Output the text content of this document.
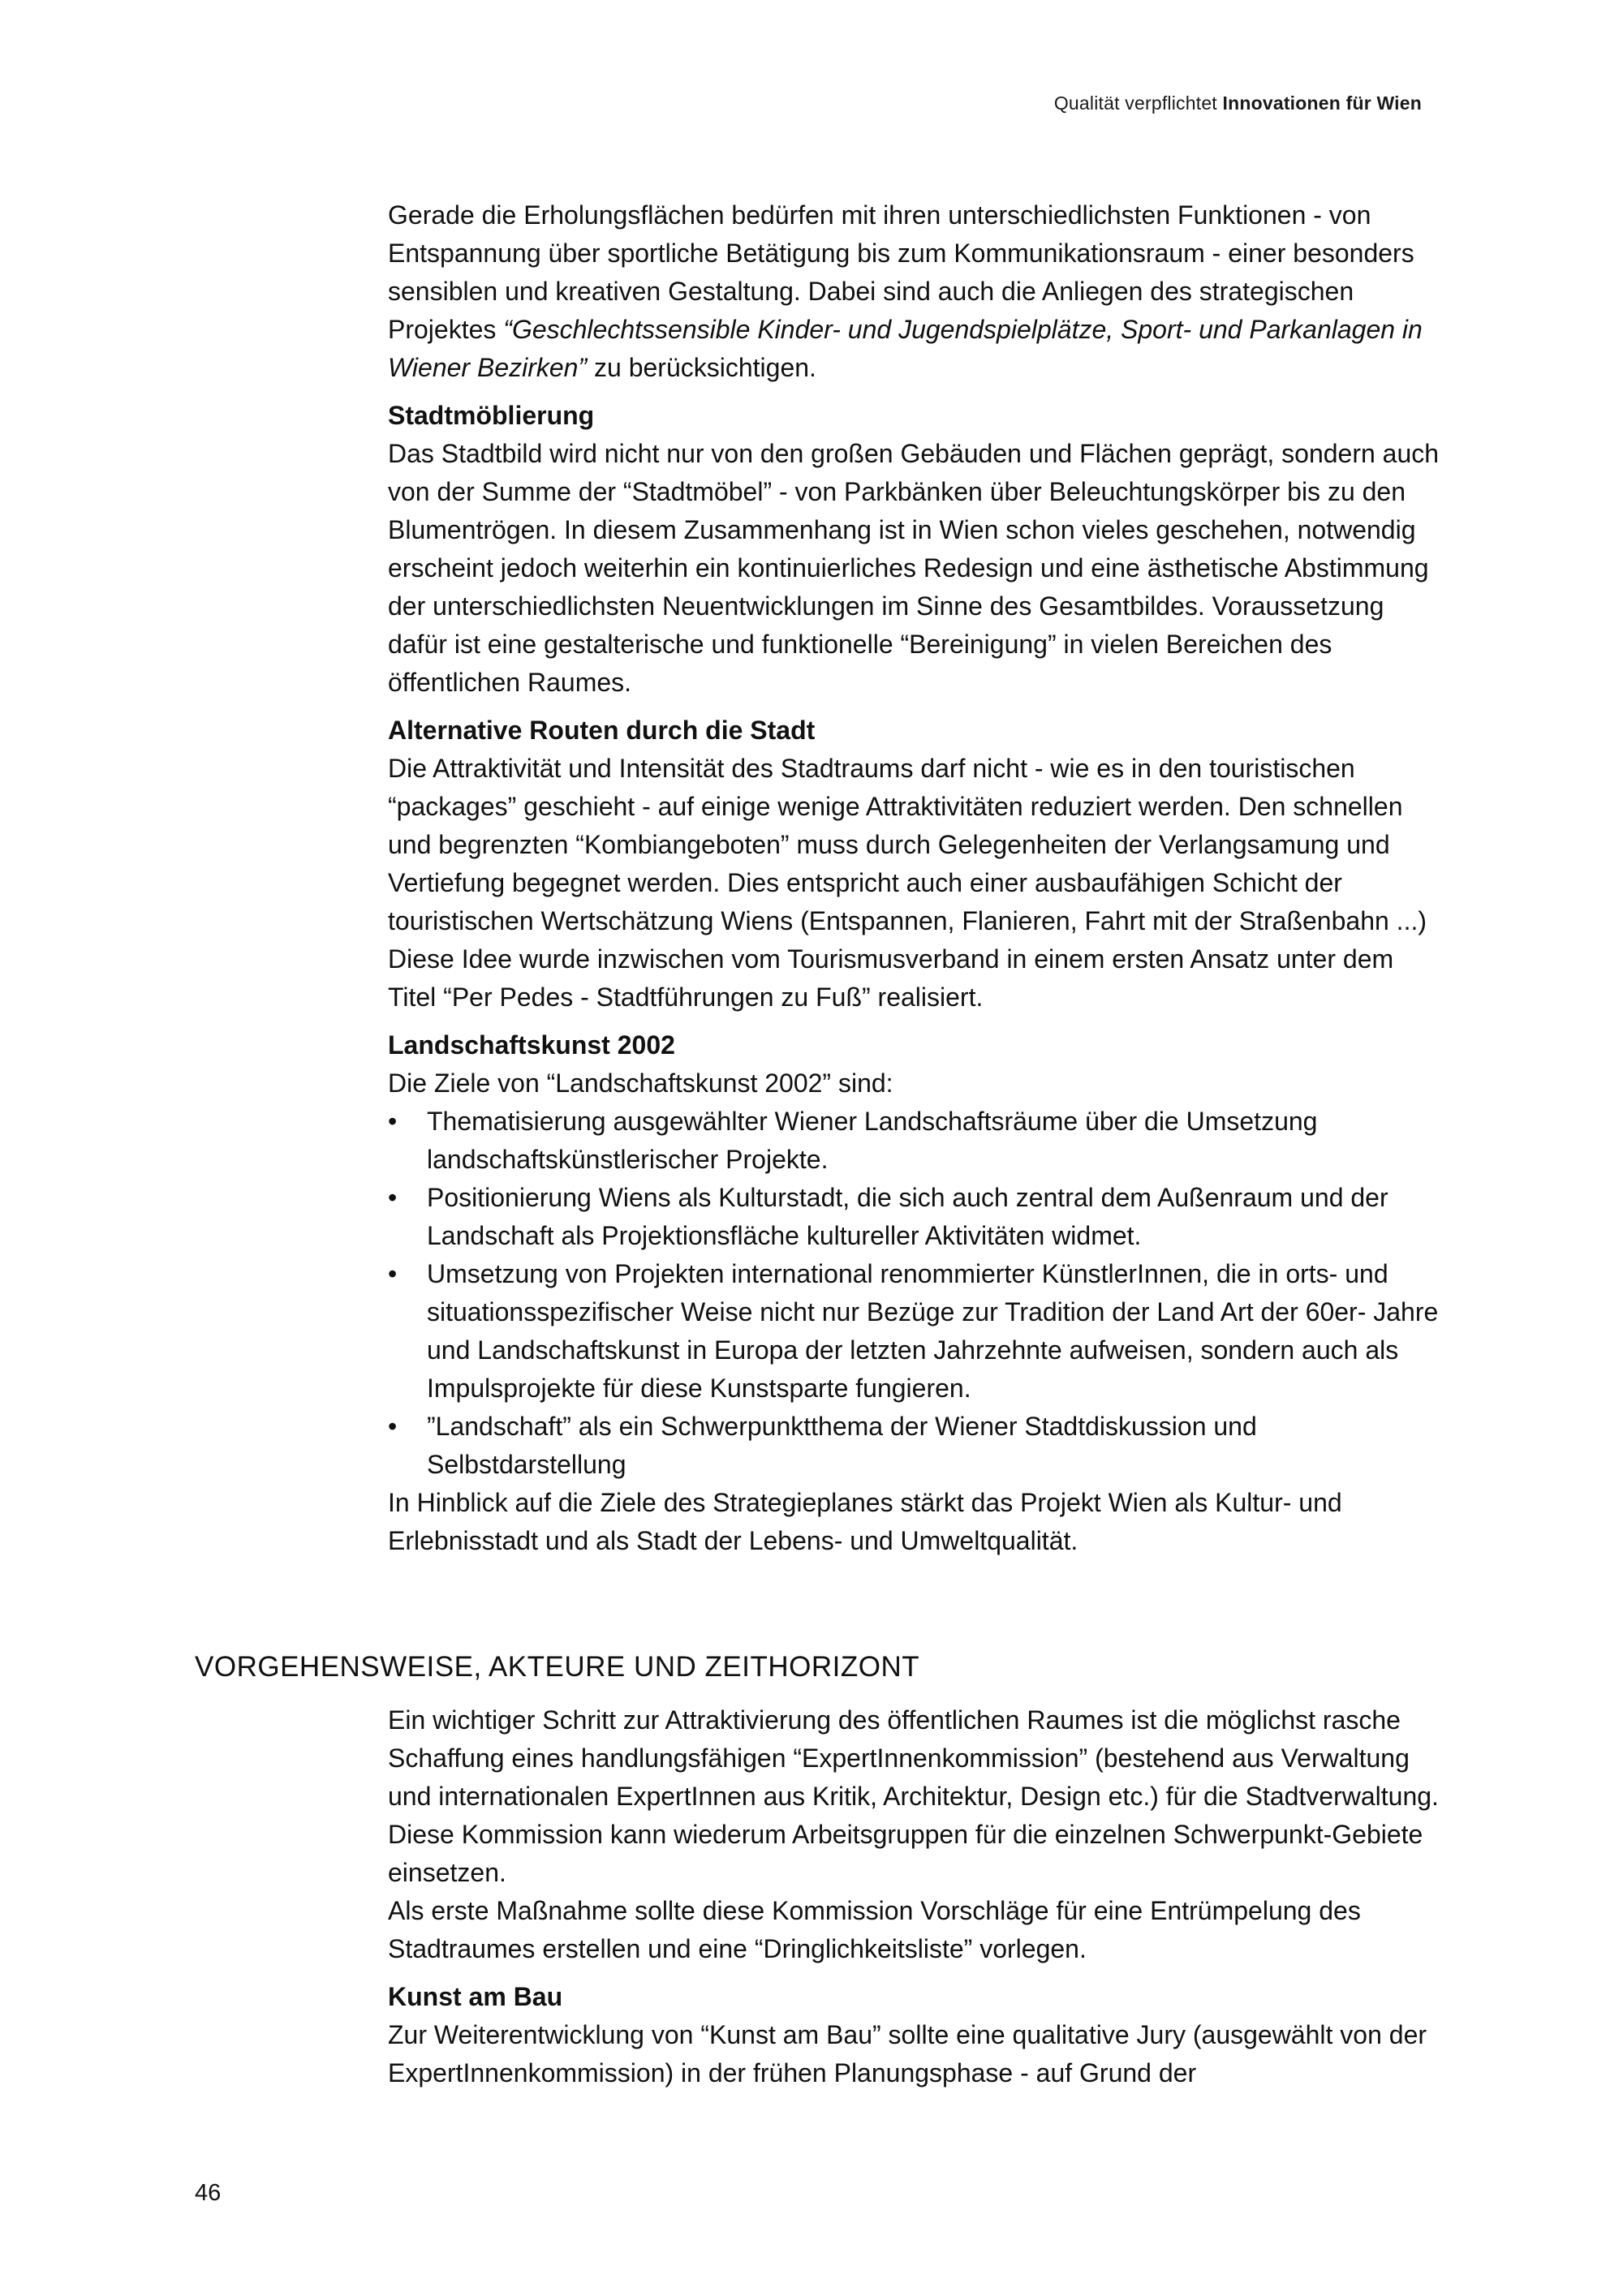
Qualität verpflichtet Innovationen für Wien

Gerade die Erholungsflächen bedürfen mit ihren unterschiedlichsten Funktionen - von Entspannung über sportliche Betätigung bis zum Kommunikationsraum - einer besonders sensiblen und kreativen Gestaltung. Dabei sind auch die Anliegen des strategischen Projektes “Geschlechtssensible Kinder- und Jugendspielplätze, Sport- und Parkanlagen in Wiener Bezirken” zu berücksichtigen.

Stadtmöblierung

Das Stadtbild wird nicht nur von den großen Gebäuden und Flächen geprägt, sondern auch von der Summe der “Stadtmöbel” - von Parkbänken über Beleuchtungskörper bis zu den Blumentrögen. In diesem Zusammenhang ist in Wien schon vieles geschehen, notwendig erscheint jedoch weiterhin ein kontinuierliches Redesign und eine ästhetische Abstimmung der unterschiedlichsten Neuentwicklungen im Sinne des Gesamtbildes. Voraussetzung dafür ist eine gestalterische und funktionelle “Bereinigung” in vielen Bereichen des öffentlichen Raumes.

Alternative Routen durch die Stadt

Die Attraktivität und Intensität des Stadtraums darf nicht - wie es in den touristischen “packages” geschieht - auf einige wenige Attraktivitäten reduziert werden. Den schnellen und begrenzten “Kombiangeboten” muss durch Gelegenheiten der Verlangsamung und Vertiefung begegnet werden. Dies entspricht auch einer ausbaufähigen Schicht der touristischen Wertschätzung Wiens (Entspannen, Flanieren, Fahrt mit der Straßenbahn ...)

Diese Idee wurde inzwischen vom Tourismusverband in einem ersten Ansatz unter dem Titel “Per Pedes - Stadtführungen zu Fuß” realisiert.

Landschaftskunst 2002

Die Ziele von “Landschaftskunst 2002” sind:

• Thematisierung ausgewählter Wiener Landschaftsräume über die Umsetzung landschaftskünstlerischer Projekte.
• Positionierung Wiens als Kulturstadt, die sich auch zentral dem Außenraum und der Landschaft als Projektionsfläche kultureller Aktivitäten widmet.
• Umsetzung von Projekten international renommierter KünstlerInnen, die in orts- und situationsspezifischer Weise nicht nur Bezüge zur Tradition der Land Art der 60er- Jahre und Landschaftskunst in Europa der letzten Jahrzehnte aufweisen, sondern auch als Impulsprojekte für diese Kunstsparte fungieren.
• ”Landschaft” als ein Schwerpunktthema der Wiener Stadtdiskussion und Selbstdarstellung

In Hinblick auf die Ziele des Strategieplanes stärkt das Projekt Wien als Kultur- und Erlebnisstadt und als Stadt der Lebens- und Umweltqualität.

VORGEHENSWEISE, AKTEURE UND ZEITHORIZONT

Ein wichtiger Schritt zur Attraktivierung des öffentlichen Raumes ist die möglichst rasche Schaffung eines handlungsfähigen “ExpertInnenkommission” (bestehend aus Verwaltung und internationalen ExpertInnen aus Kritik, Architektur, Design etc.) für die Stadtverwaltung. Diese Kommission kann wiederum Arbeitsgruppen für die einzelnen Schwerpunkt-Gebiete einsetzen.

Als erste Maßnahme sollte diese Kommission Vorschläge für eine Entrümpelung des Stadtraumes erstellen und eine “Dringlichkeitsliste” vorlegen.

Kunst am Bau

Zur Weiterentwicklung von “Kunst am Bau” sollte eine qualitative Jury (ausgewählt von der ExpertInnenkommission) in der frühen Planungsphase - auf Grund der

46
